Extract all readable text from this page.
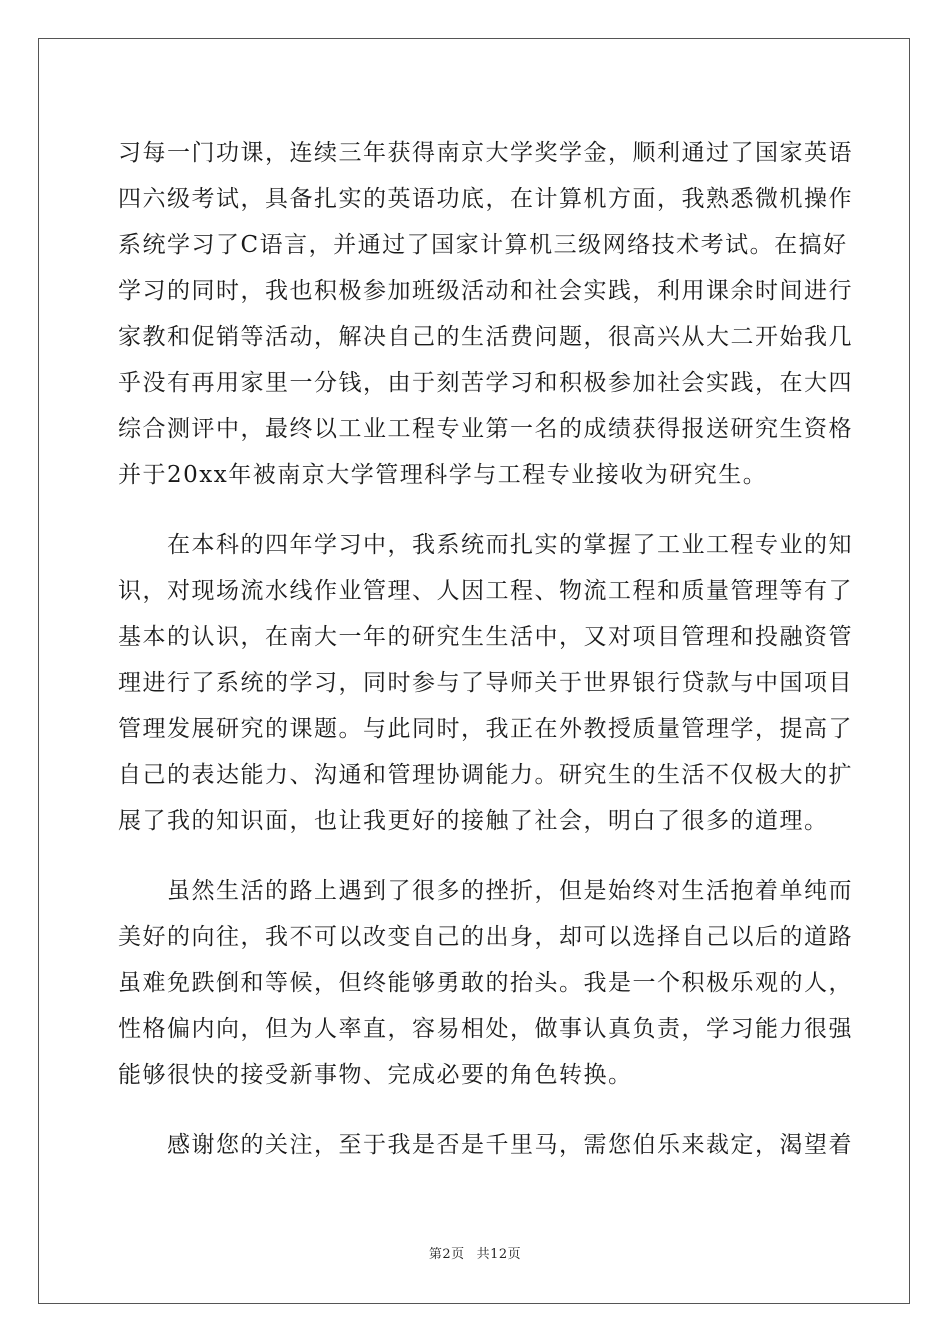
习每一门功课，连续三年获得南京大学奖学金，顺利通过了国家英语
四六级考试，具备扎实的英语功底，在计算机方面，我熟悉微机操作
系统学习了C语言，并通过了国家计算机三级网络技术考试。在搞好
学习的同时，我也积极参加班级活动和社会实践，利用课余时间进行
家教和促销等活动，解决自己的生活费问题，很高兴从大二开始我几
乎没有再用家里一分钱，由于刻苦学习和积极参加社会实践，在大四
综合测评中，最终以工业工程专业第一名的成绩获得报送研究生资格
并于20xx年被南京大学管理科学与工程专业接收为研究生。
　　在本科的四年学习中，我系统而扎实的掌握了工业工程专业的知
识，对现场流水线作业管理、人因工程、物流工程和质量管理等有了
基本的认识，在南大一年的研究生生活中，又对项目管理和投融资管
理进行了系统的学习，同时参与了导师关于世界银行贷款与中国项目
管理发展研究的课题。与此同时，我正在外教授质量管理学，提高了
自己的表达能力、沟通和管理协调能力。研究生的生活不仅极大的扩
展了我的知识面，也让我更好的接触了社会，明白了很多的道理。
　　虽然生活的路上遇到了很多的挫折，但是始终对生活抱着单纯而
美好的向往，我不可以改变自己的出身，却可以选择自己以后的道路
虽难免跌倒和等候，但终能够勇敢的抬头。我是一个积极乐观的人，
性格偏内向，但为人率直，容易相处，做事认真负责，学习能力很强
能够很快的接受新事物、完成必要的角色转换。
　　感谢您的关注，至于我是否是千里马，需您伯乐来裁定，渴望着
第2页 共12页
